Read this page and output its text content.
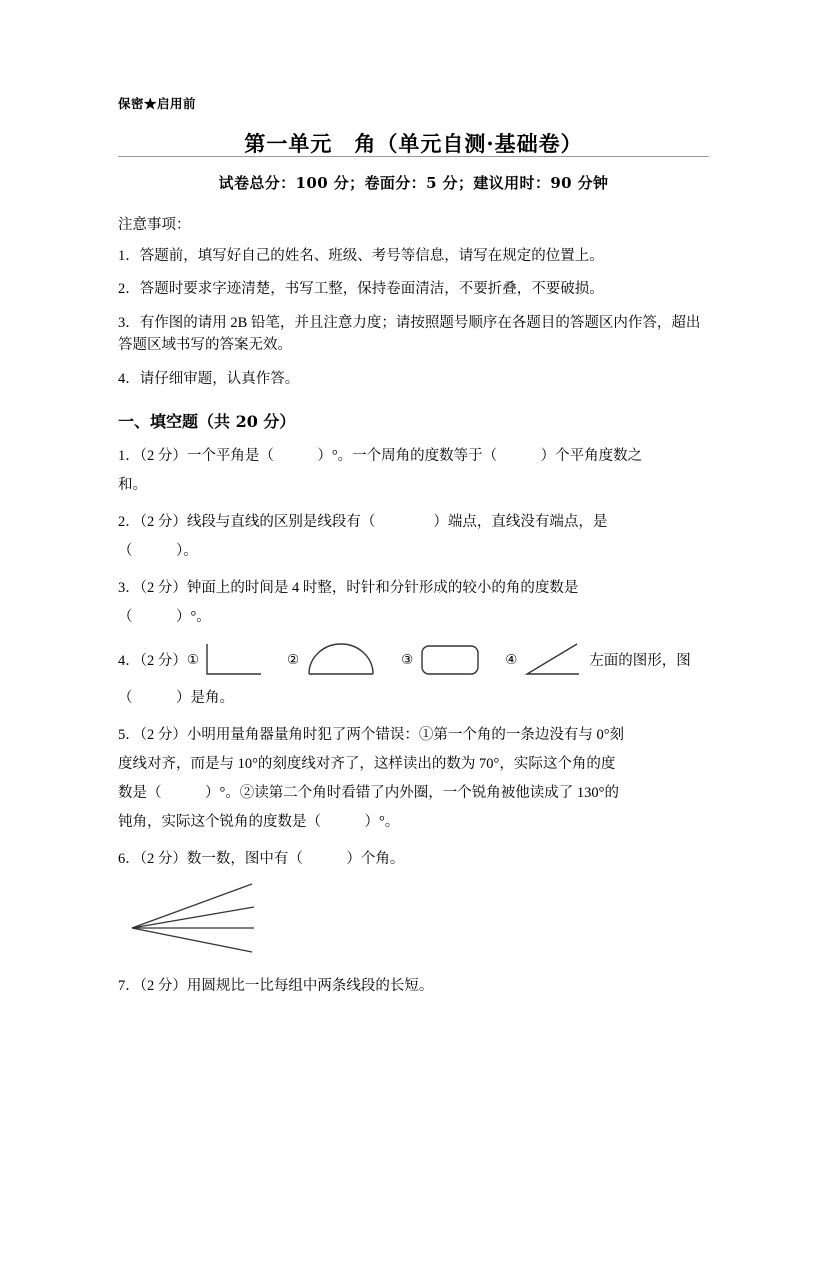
保密★启用前
第一单元　角（单元自测·基础卷）
试卷总分：100 分；卷面分：5 分；建议用时：90 分钟
注意事项：
1．答题前，填写好自己的姓名、班级、考号等信息，请写在规定的位置上。
2．答题时要求字迹清楚，书写工整，保持卷面清洁，不要折叠，不要破损。
3．有作图的请用 2B 铅笔，并且注意力度；请按照题号顺序在各题目的答题区内作答，超出答题区域书写的答案无效。
4．请仔细审题，认真作答。
一、填空题（共 20 分）
1．（2 分）一个平角是（　　　）°。一个周角的度数等于（　　　）个平角度数之
和。
2．（2 分）线段与直线的区别是线段有（　　　　）端点，直线没有端点，是
（　　　）。
3．（2 分）钟面上的时间是 4 时整，时针和分针形成的较小的角的度数是
（　　　）°。
4．（2 分） ①	②	③	④	左面的图形，图
（　　　）是角。
5．（2 分）小明用量角器量角时犯了两个错误：①第一个角的一条边没有与 0°刻
度线对齐，而是与 10°的刻度线对齐了，这样读出的数为 70°，实际这个角的度
数是（　　　）°。②读第二个角时看错了内外圈，一个锐角被他读成了 130°的
钝角，实际这个锐角的度数是（　　　）°。
6．（2 分）数一数，图中有（　　　）个角。
7．（2 分）用圆规比一比每组中两条线段的长短。
